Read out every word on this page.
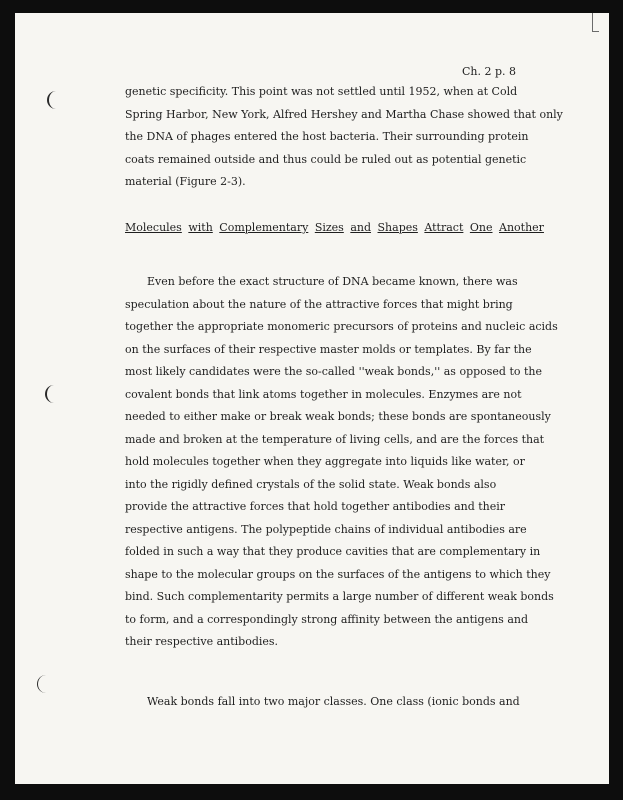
Ch. 2 p. 8
genetic specificity. This point was not settled until 1952, when at Cold
Spring Harbor, New York, Alfred Hershey and Martha Chase showed that only
the DNA of phages entered the host bacteria. Their surrounding protein
coats remained outside and thus could be ruled out as potential genetic
material (Figure 2-3).
Molecules with Complementary Sizes and Shapes Attract One Another
Even before the exact structure of DNA became known, there was
speculation about the nature of the attractive forces that might bring
together the appropriate monomeric precursors of proteins and nucleic acids
on the surfaces of their respective master molds or templates. By far the
most likely candidates were the so-called ''weak bonds,'' as opposed to the
covalent bonds that link atoms together in molecules. Enzymes are not
needed to either make or break weak bonds; these bonds are spontaneously
made and broken at the temperature of living cells, and are the forces that
hold molecules together when they aggregate into liquids like water, or
into the rigidly defined crystals of the solid state. Weak bonds also
provide the attractive forces that hold together antibodies and their
respective antigens. The polypeptide chains of individual antibodies are
folded in such a way that they produce cavities that are complementary in
shape to the molecular groups on the surfaces of the antigens to which they
bind. Such complementarity permits a large number of different weak bonds
to form, and a correspondingly strong affinity between the antigens and
their respective antibodies.
Weak bonds fall into two major classes. One class (ionic bonds and
